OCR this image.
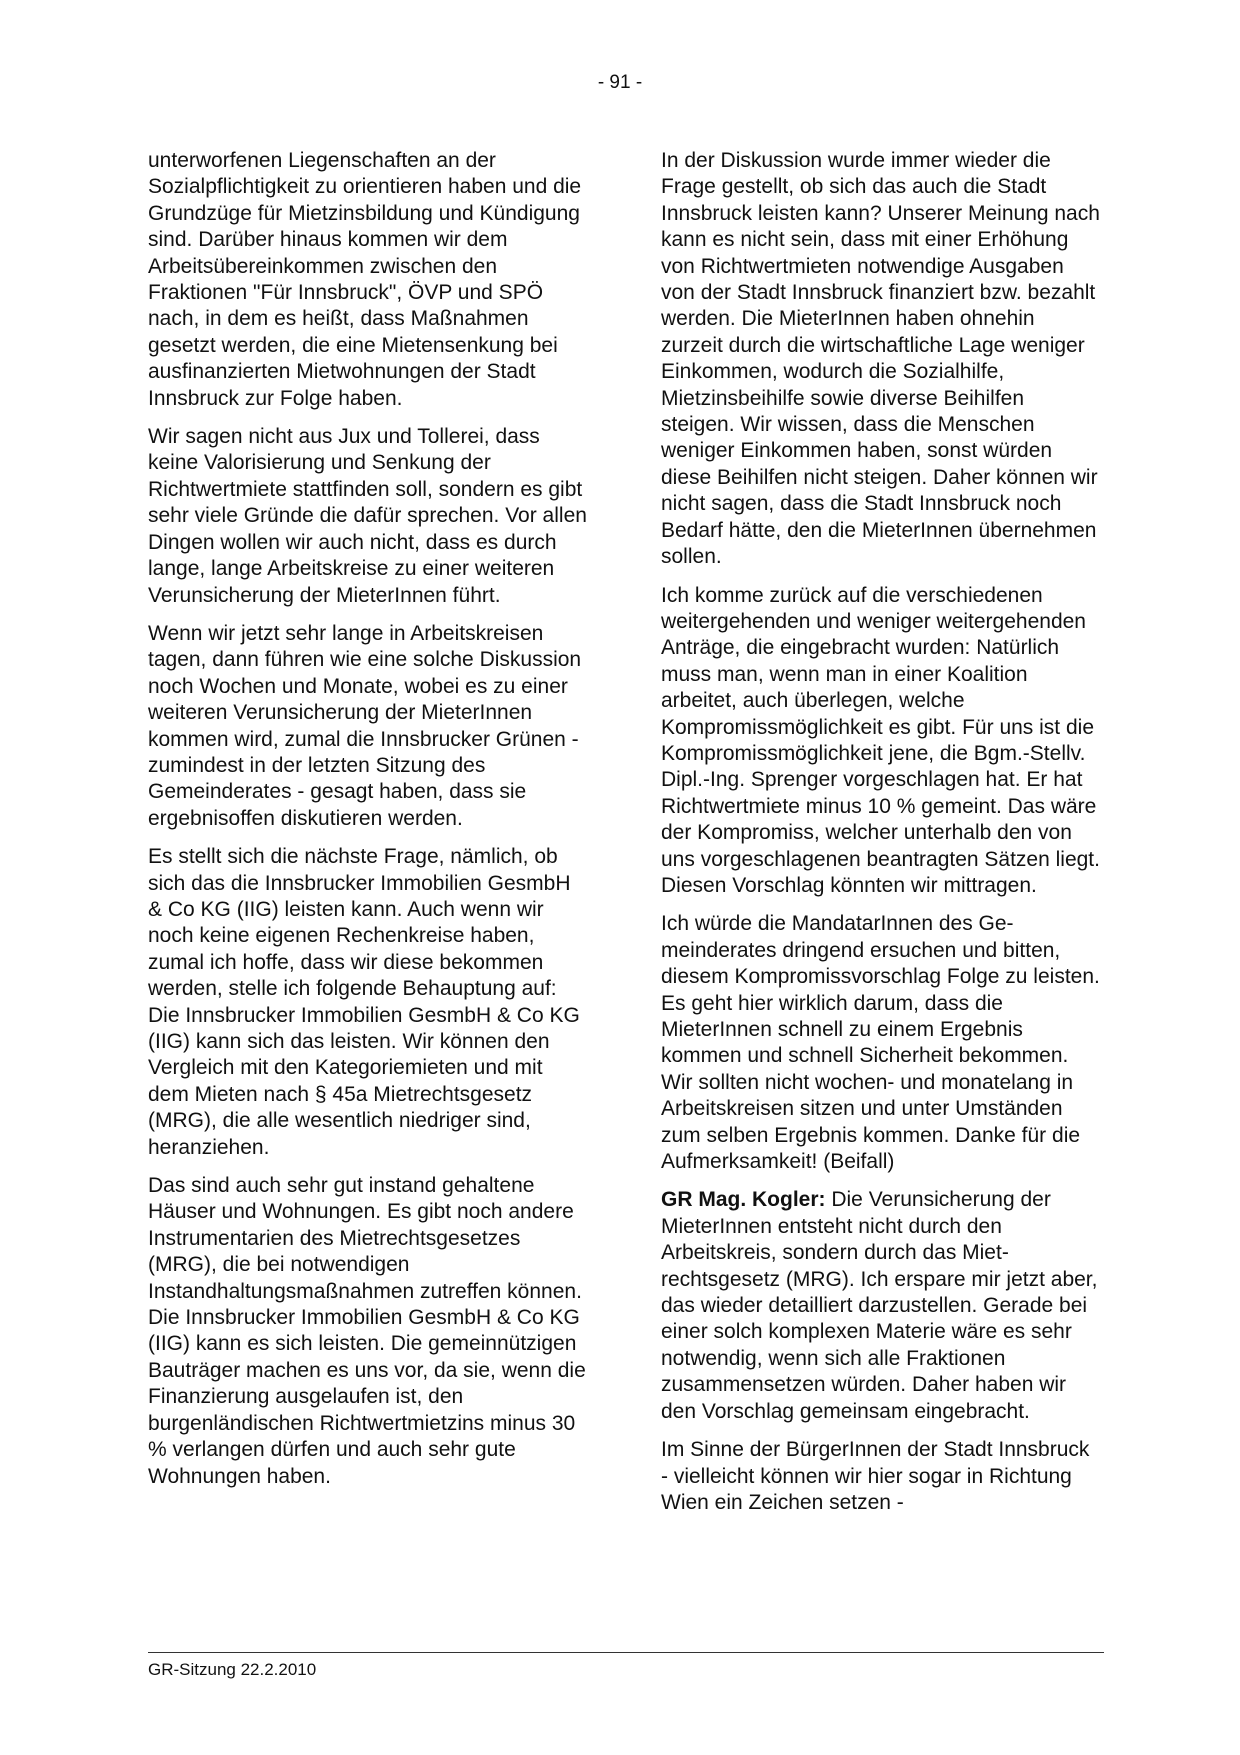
- 91 -

unterworfenen Liegenschaften an der Sozialpflichtigkeit zu orientieren haben und die Grundzüge für Mietzinsbildung und Kündigung sind. Darüber hinaus kommen wir dem Arbeitsübereinkommen zwischen den Fraktionen "Für Innsbruck", ÖVP und SPÖ nach, in dem es heißt, dass Maßnahmen gesetzt werden, die eine Mietensenkung bei ausfinanzierten Mietwohnungen der Stadt Innsbruck zur Folge haben.

Wir sagen nicht aus Jux und Tollerei, dass keine Valorisierung und Senkung der Richtwertmiete stattfinden soll, sondern es gibt sehr viele Gründe die dafür sprechen. Vor allen Dingen wollen wir auch nicht, dass es durch lange, lange Arbeitskreise zu einer weiteren Verunsicherung der MieterInnen führt.

Wenn wir jetzt sehr lange in Arbeitskreisen tagen, dann führen wie eine solche Diskussion noch Wochen und Monate, wobei es zu einer weiteren Verunsicherung der MieterInnen kommen wird, zumal die Innsbrucker Grünen - zumindest in der letzten Sitzung des Gemeinderates - gesagt haben, dass sie ergebnisoffen diskutieren werden.

Es stellt sich die nächste Frage, nämlich, ob sich das die Innsbrucker Immobilien GesmbH & Co KG (IIG) leisten kann. Auch wenn wir noch keine eigenen Rechenkreise haben, zumal ich hoffe, dass wir diese bekommen werden, stelle ich folgende Behauptung auf: Die Innsbrucker Immobilien GesmbH & Co KG (IIG) kann sich das leisten. Wir können den Vergleich mit den Kategoriemieten und mit dem Mieten nach § 45a Mietrechtsgesetz (MRG), die alle wesentlich niedriger sind, heranziehen.

Das sind auch sehr gut instand gehaltene Häuser und Wohnungen. Es gibt noch andere Instrumentarien des Mietrechtsgesetzes (MRG), die bei notwendigen Instandhaltungsmaßnahmen zutreffen können. Die Innsbrucker Immobilien GesmbH & Co KG (IIG) kann es sich leisten. Die gemeinnützigen Bauträger machen es uns vor, da sie, wenn die Finanzierung ausgelaufen ist, den burgenländischen Richtwertmietzins minus 30 % verlangen dürfen und auch sehr gute Wohnungen haben.

In der Diskussion wurde immer wieder die Frage gestellt, ob sich das auch die Stadt Innsbruck leisten kann? Unserer Meinung nach kann es nicht sein, dass mit einer Erhöhung von Richtwertmieten notwendige Ausgaben von der Stadt Innsbruck finanziert bzw. bezahlt werden. Die MieterInnen haben ohnehin zurzeit durch die wirtschaftliche Lage weniger Einkommen, wodurch die Sozialhilfe, Mietzinsbeihilfe sowie diverse Beihilfen steigen. Wir wissen, dass die Menschen weniger Einkommen haben, sonst würden diese Beihilfen nicht steigen. Daher können wir nicht sagen, dass die Stadt Innsbruck noch Bedarf hätte, den die MieterInnen übernehmen sollen.

Ich komme zurück auf die verschiedenen weitergehenden und weniger weitergehenden Anträge, die eingebracht wurden: Natürlich muss man, wenn man in einer Koalition arbeitet, auch überlegen, welche Kompromissmöglichkeit es gibt. Für uns ist die Kompromissmöglichkeit jene, die Bgm.-Stellv. Dipl.-Ing. Sprenger vorgeschlagen hat. Er hat Richtwertmiete minus 10 % gemeint. Das wäre der Kompromiss, welcher unterhalb den von uns vorgeschlagenen beantragten Sätzen liegt. Diesen Vorschlag könnten wir mittragen.

Ich würde die MandatarInnen des Gemeinderates dringend ersuchen und bitten, diesem Kompromissvorschlag Folge zu leisten. Es geht hier wirklich darum, dass die MieterInnen schnell zu einem Ergebnis kommen und schnell Sicherheit bekommen. Wir sollten nicht wochen- und monatelang in Arbeitskreisen sitzen und unter Umständen zum selben Ergebnis kommen. Danke für die Aufmerksamkeit! (Beifall)

GR Mag. Kogler: Die Verunsicherung der MieterInnen entsteht nicht durch den Arbeitskreis, sondern durch das Mietrechtsgesetz (MRG). Ich erspare mir jetzt aber, das wieder detailliert darzustellen. Gerade bei einer solch komplexen Materie wäre es sehr notwendig, wenn sich alle Fraktionen zusammensetzen würden. Daher haben wir den Vorschlag gemeinsam eingebracht.

Im Sinne der BürgerInnen der Stadt Innsbruck - vielleicht können wir hier sogar in Richtung Wien ein Zeichen setzen -

GR-Sitzung 22.2.2010
